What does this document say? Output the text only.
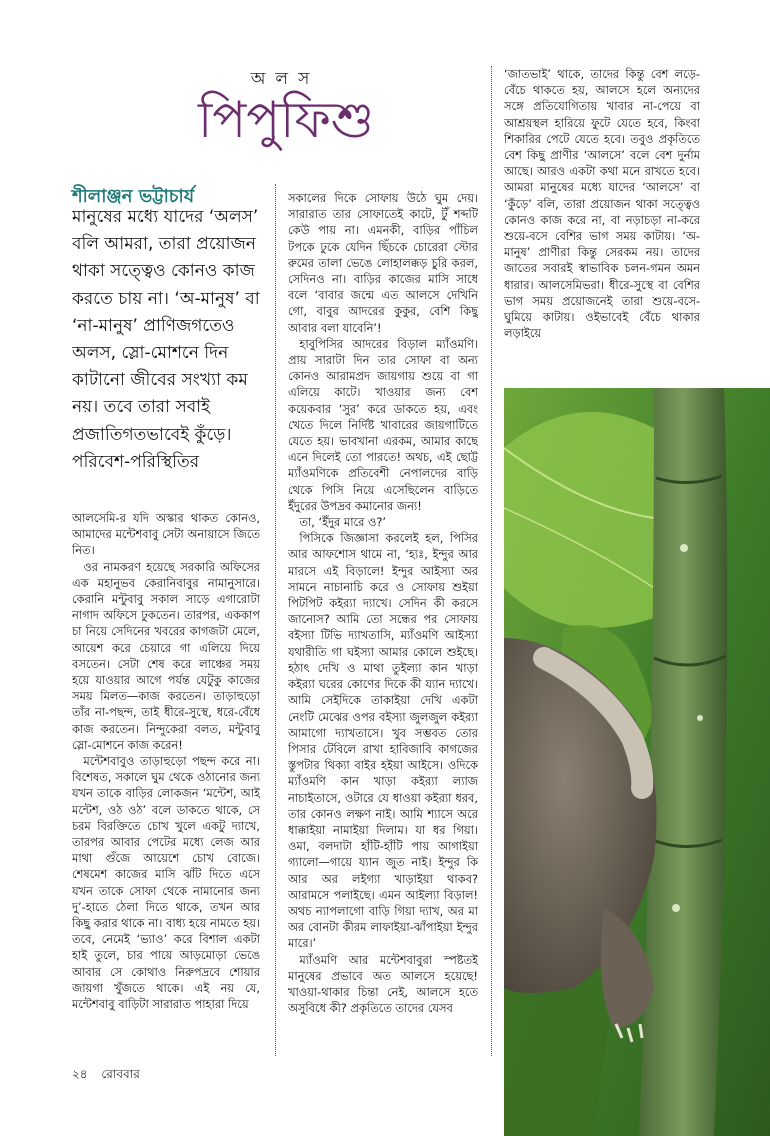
অলস
পিপুফিশু
শীলাঞ্জন ভট্টাচার্য
মানুষের মধ্যে যাদের ‘অলস’ বলি আমরা, তারা প্রয়োজন থাকা সত্ত্বেও কোনও কাজ করতে চায় না। ‘অ-মানুষ’ বা ‘না-মানুষ’ প্রাণিজগতেও অলস, স্লো-মোশনে দিন কাটানো জীবের সংখ্যা কম নয়। তবে তারা সবাই প্রজাতিগতভাবেই কুঁড়ে। পরিবেশ-পরিস্থিতির

আলসেমি-র যদি অস্কার থাকত কোনও, আমাদের মন্টেশবাবু সেটা অনায়াসে জিতে নিত।

ওর নামকরণ হয়েছে সরকারি অফিসের এক মহানুভব কেরানিবাবুর নামানুসারে। কেরানি মন্টুবাবু সকাল সাড়ে এগারোটা নাগাদ অফিসে ঢুকতেন। তারপর, এককাপ চা নিয়ে সেদিনের খবরের কাগজটা মেলে, আয়েশ করে চেয়ারে গা এলিয়ে দিয়ে বসতেন। সেটা শেষ করে লাঞ্চের সময় হয়ে যাওয়ার আগে পর্যন্ত যেটুকু কাজের সময় মিলত—কাজ করতেন। তাড়াহুড়ো তাঁর না-পছন্দ, তাই ধীরে-সুস্থে, ধরে-বেঁধে কাজ করতেন। নিন্দুকেরা বলত, মন্টুবাবু স্লো-মোশনে কাজ করেন!

মন্টেশবাবুও তাড়াহুড়ো পছন্দ করে না। বিশেষত, সকালে ঘুম থেকে ওঠানোর জন্য যখন তাকে বাড়ির লোকজন ‘মন্টেশ, আই মন্টেশ, ওঠ ওঠ’ বলে ডাকতে থাকে, সে চরম বিরক্তিতে চোখ খুলে একটু দ্যাখে, তারপর আবার পেটের মধ্যে লেজ আর মাথা গুঁজে আয়েশে চোখ বোজে। শেষমেশ কাজের মাসি ঝাঁট দিতে এসে যখন তাকে সোফা থেকে নামানোর জন্য দু’-হাতে ঠেলা দিতে থাকে, তখন আর কিছু করার থাকে না। বাধ্য হয়ে নামতে হয়। তবে, নেমেই ‘ভ্যাও’ করে বিশাল একটা হাই তুলে, চার পায়ে আড়মোড়া ভেঙে আবার সে কোথাও নিরুপদ্রবে শোয়ার জায়গা খুঁজতে থাকে। এই নয় যে, মন্টেশবাবু বাড়িটা সারারাত পাহারা দিয়ে

সকালের দিকে সোফায় উঠে ঘুম দেয়। সারারাত তার সোফাতেই কাটে, টুঁ শব্দটি কেউ পায় না। এমনকী, বাড়ির পাঁচিল টপকে ঢুকে যেদিন ছিঁচকে চোরেরা স্টোর রুমের তালা ভেঙে লোহালক্কড় চুরি করল, সেদিনও না। বাড়ির কাজের মাসি সাধে বলে ‘বাবার জন্মে এত আলসে দেখিনি গো, বাবুর আদরের কুকুর, বেশি কিছু আবার বলা যাবেনি’!

হাবুপিসির আদরের বিড়াল ম্যাঁওমণি। প্রায় সারাটা দিন তার সোফা বা অন্য কোনও আরামপ্রদ জায়গায় শুয়ে বা গা এলিয়ে কাটে। খাওয়ার জন্য বেশ কয়েকবার ‘সুর’ করে ডাকতে হয়, এবং খেতে দিলে নির্দিষ্ট খাবারের জায়গাটিতে যেতে হয়। ভাবখানা এরকম, আমার কাছে এনে দিলেই তো পারতে! অথচ, এই ছোট্ট ম্যাঁওমণিকে প্রতিবেশী নেপালদের বাড়ি থেকে পিসি নিয়ে এসেছিলেন বাড়িতে ইঁদুরের উপদ্রব কমানোর জন্য!

তা, ‘ইঁদুর মারে ও?’

পিসিকে জিজ্ঞাসা করলেই হল, পিসির আর আফশোস থামে না, ‘হ্যঃ, ইন্দুর আর মারসে এই বিড়ালে! ইন্দুর আইস্যা অর সামনে নাচানাচি করে ও সোফায় শুইয়া পিটপিট কইর‍্যা দ্যাখে। সেদিন কী করসে জানোস? আমি তো সন্ধের পর সোফায় বইস্যা টিভি দ্যাখতাসি, ম্যাঁওমণি আইস্যা যথারীতি গা ঘইস্যা আমার কোলে শুইছে। হঠাৎ দেখি ও মাথা তুইল্যা কান খাড়া কইর‍্যা ঘরের কোণের দিকে কী য্যান দ্যাখে। আমি সেইদিকে তাকাইয়া দেখি একটা নেংটি মেঝের ওপর বইস্যা জুলজুল কইর‍্যা আমাগো দ্যাখতাসে। খুব সম্ভবত তোর পিসার টেবিলে রাখা হাবিজাবি কাগজের স্তুপটার থিক্যা বাইর হইয়া আইসে। ওদিকে ম্যাঁওমণি কান খাড়া কইর‍্যা ল্যাজ নাচাইতাসে, ওটারে যে ধাওয়া কইর‍্যা ধরব, তার কোনও লক্ষণ নাই। আমি শ্যাসে অরে ধাক্কাইয়া নামাইয়া দিলাম। যা ধর গিয়া। ওমা, বলদাটা হাঁটি-হাঁটি পায় আগাইয়া গ্যালো—গায়ে য্যান জুত নাই। ইন্দুর কি আর অর লইগ্যা খাড়াইয়া থাকব? আরামসে পলাইছে। এমন আইল্যা বিড়াল! অথচ ন্যাপলাগো বাড়ি গিয়া দ্যাখ, অর মা অর বোনটা কীরম লাফাইয়া-ঝাঁপাইয়া ইন্দুর মারে।’

ম্যাঁওমণি আর মন্টেশবাবুরা স্পষ্টতই মানুষের প্রভাবে অত আলসে হয়েছে! খাওয়া-থাকার চিন্তা নেই, আলসে হতে অসুবিধে কী? প্রকৃতিতে তাদের যেসব

‘জাতভাই’ থাকে, তাদের কিন্তু বেশ লড়ে-বেঁচে থাকতে হয়, আলসে হলে অন্যদের সঙ্গে প্রতিযোগিতায় খাবার না-পেয়ে বা আশ্রয়স্থল হারিয়ে ফুটে যেতে হবে, কিংবা শিকারির পেটে যেতে হবে। তবুও প্রকৃতিতে বেশ কিছু প্রাণীর ‘আলসে’ বলে বেশ দুর্নাম আছে। আরও একটা কথা মনে রাখতে হবে। আমরা মানুষের মধ্যে যাদের ‘আলসে’ বা ‘কুঁড়ে’ বলি, তারা প্রয়োজন থাকা সত্ত্বেও কোনও কাজ করে না, বা নড়াচড়া না-করে শুয়ে-বসে বেশির ভাগ সময় কাটায়। ‘অ-মানুষ’ প্রাণীরা কিন্তু সেরকম নয়। তাদের জাতের সবারই স্বাভাবিক চলন-গমন অমন ধারার। আলসেমিভরা। ধীরে-সুস্থে বা বেশির ভাগ সময় প্রয়োজনেই তারা শুয়ে-বসে-ঘুমিয়ে কাটায়। ওইভাবেই বেঁচে থাকার লড়াইয়ে

২৪ রোববার
